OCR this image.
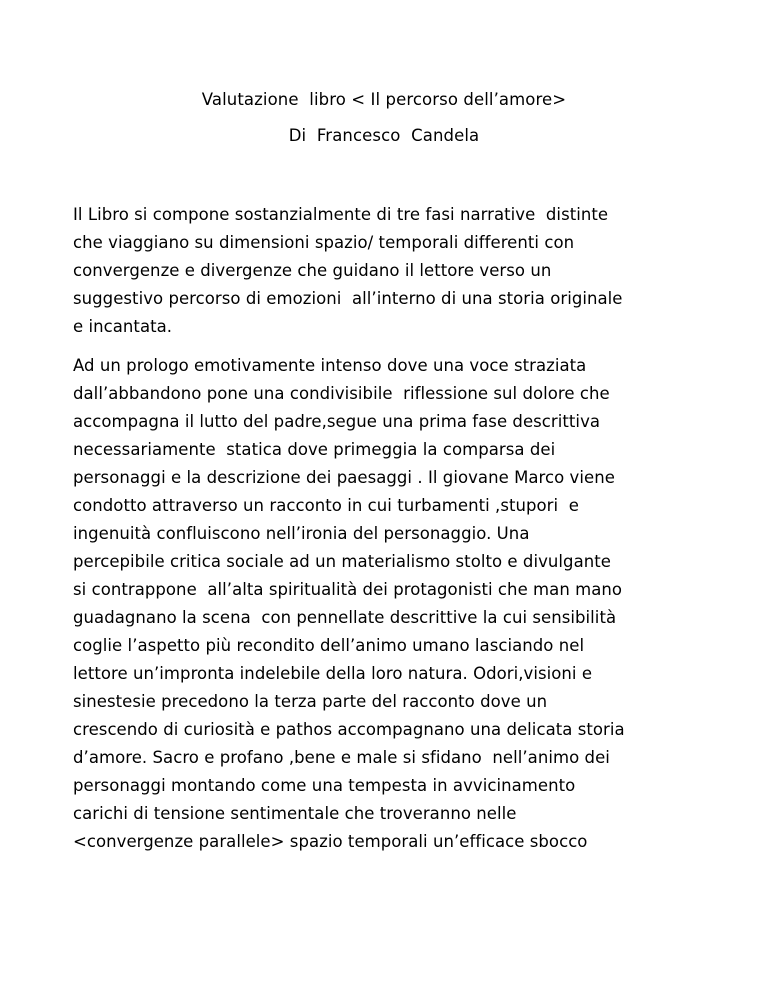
Valutazione  libro < Il percorso dell’amore>
Di  Francesco  Candela
Il Libro si compone sostanzialmente di tre fasi narrative  distinte
che viaggiano su dimensioni spazio/ temporali differenti con
convergenze e divergenze che guidano il lettore verso un
suggestivo percorso di emozioni  all’interno di una storia originale
e incantata.
Ad un prologo emotivamente intenso dove una voce straziata
dall’abbandono pone una condivisibile  riflessione sul dolore che
accompagna il lutto del padre,segue una prima fase descrittiva
necessariamente  statica dove primeggia la comparsa dei
personaggi e la descrizione dei paesaggi . Il giovane Marco viene
condotto attraverso un racconto in cui turbamenti ,stupori  e
ingenuità confluiscono nell’ironia del personaggio. Una
percepibile critica sociale ad un materialismo stolto e divulgante
si contrappone  all’alta spiritualità dei protagonisti che man mano
guadagnano la scena  con pennellate descrittive la cui sensibilità
coglie l’aspetto più recondito dell’animo umano lasciando nel
lettore un’impronta indelebile della loro natura. Odori,visioni e
sinestesie precedono la terza parte del racconto dove un
crescendo di curiosità e pathos accompagnano una delicata storia
d’amore. Sacro e profano ,bene e male si sfidano  nell’animo dei
personaggi montando come una tempesta in avvicinamento
carichi di tensione sentimentale che troveranno nelle
<convergenze parallele> spazio temporali un’efficace sbocco
